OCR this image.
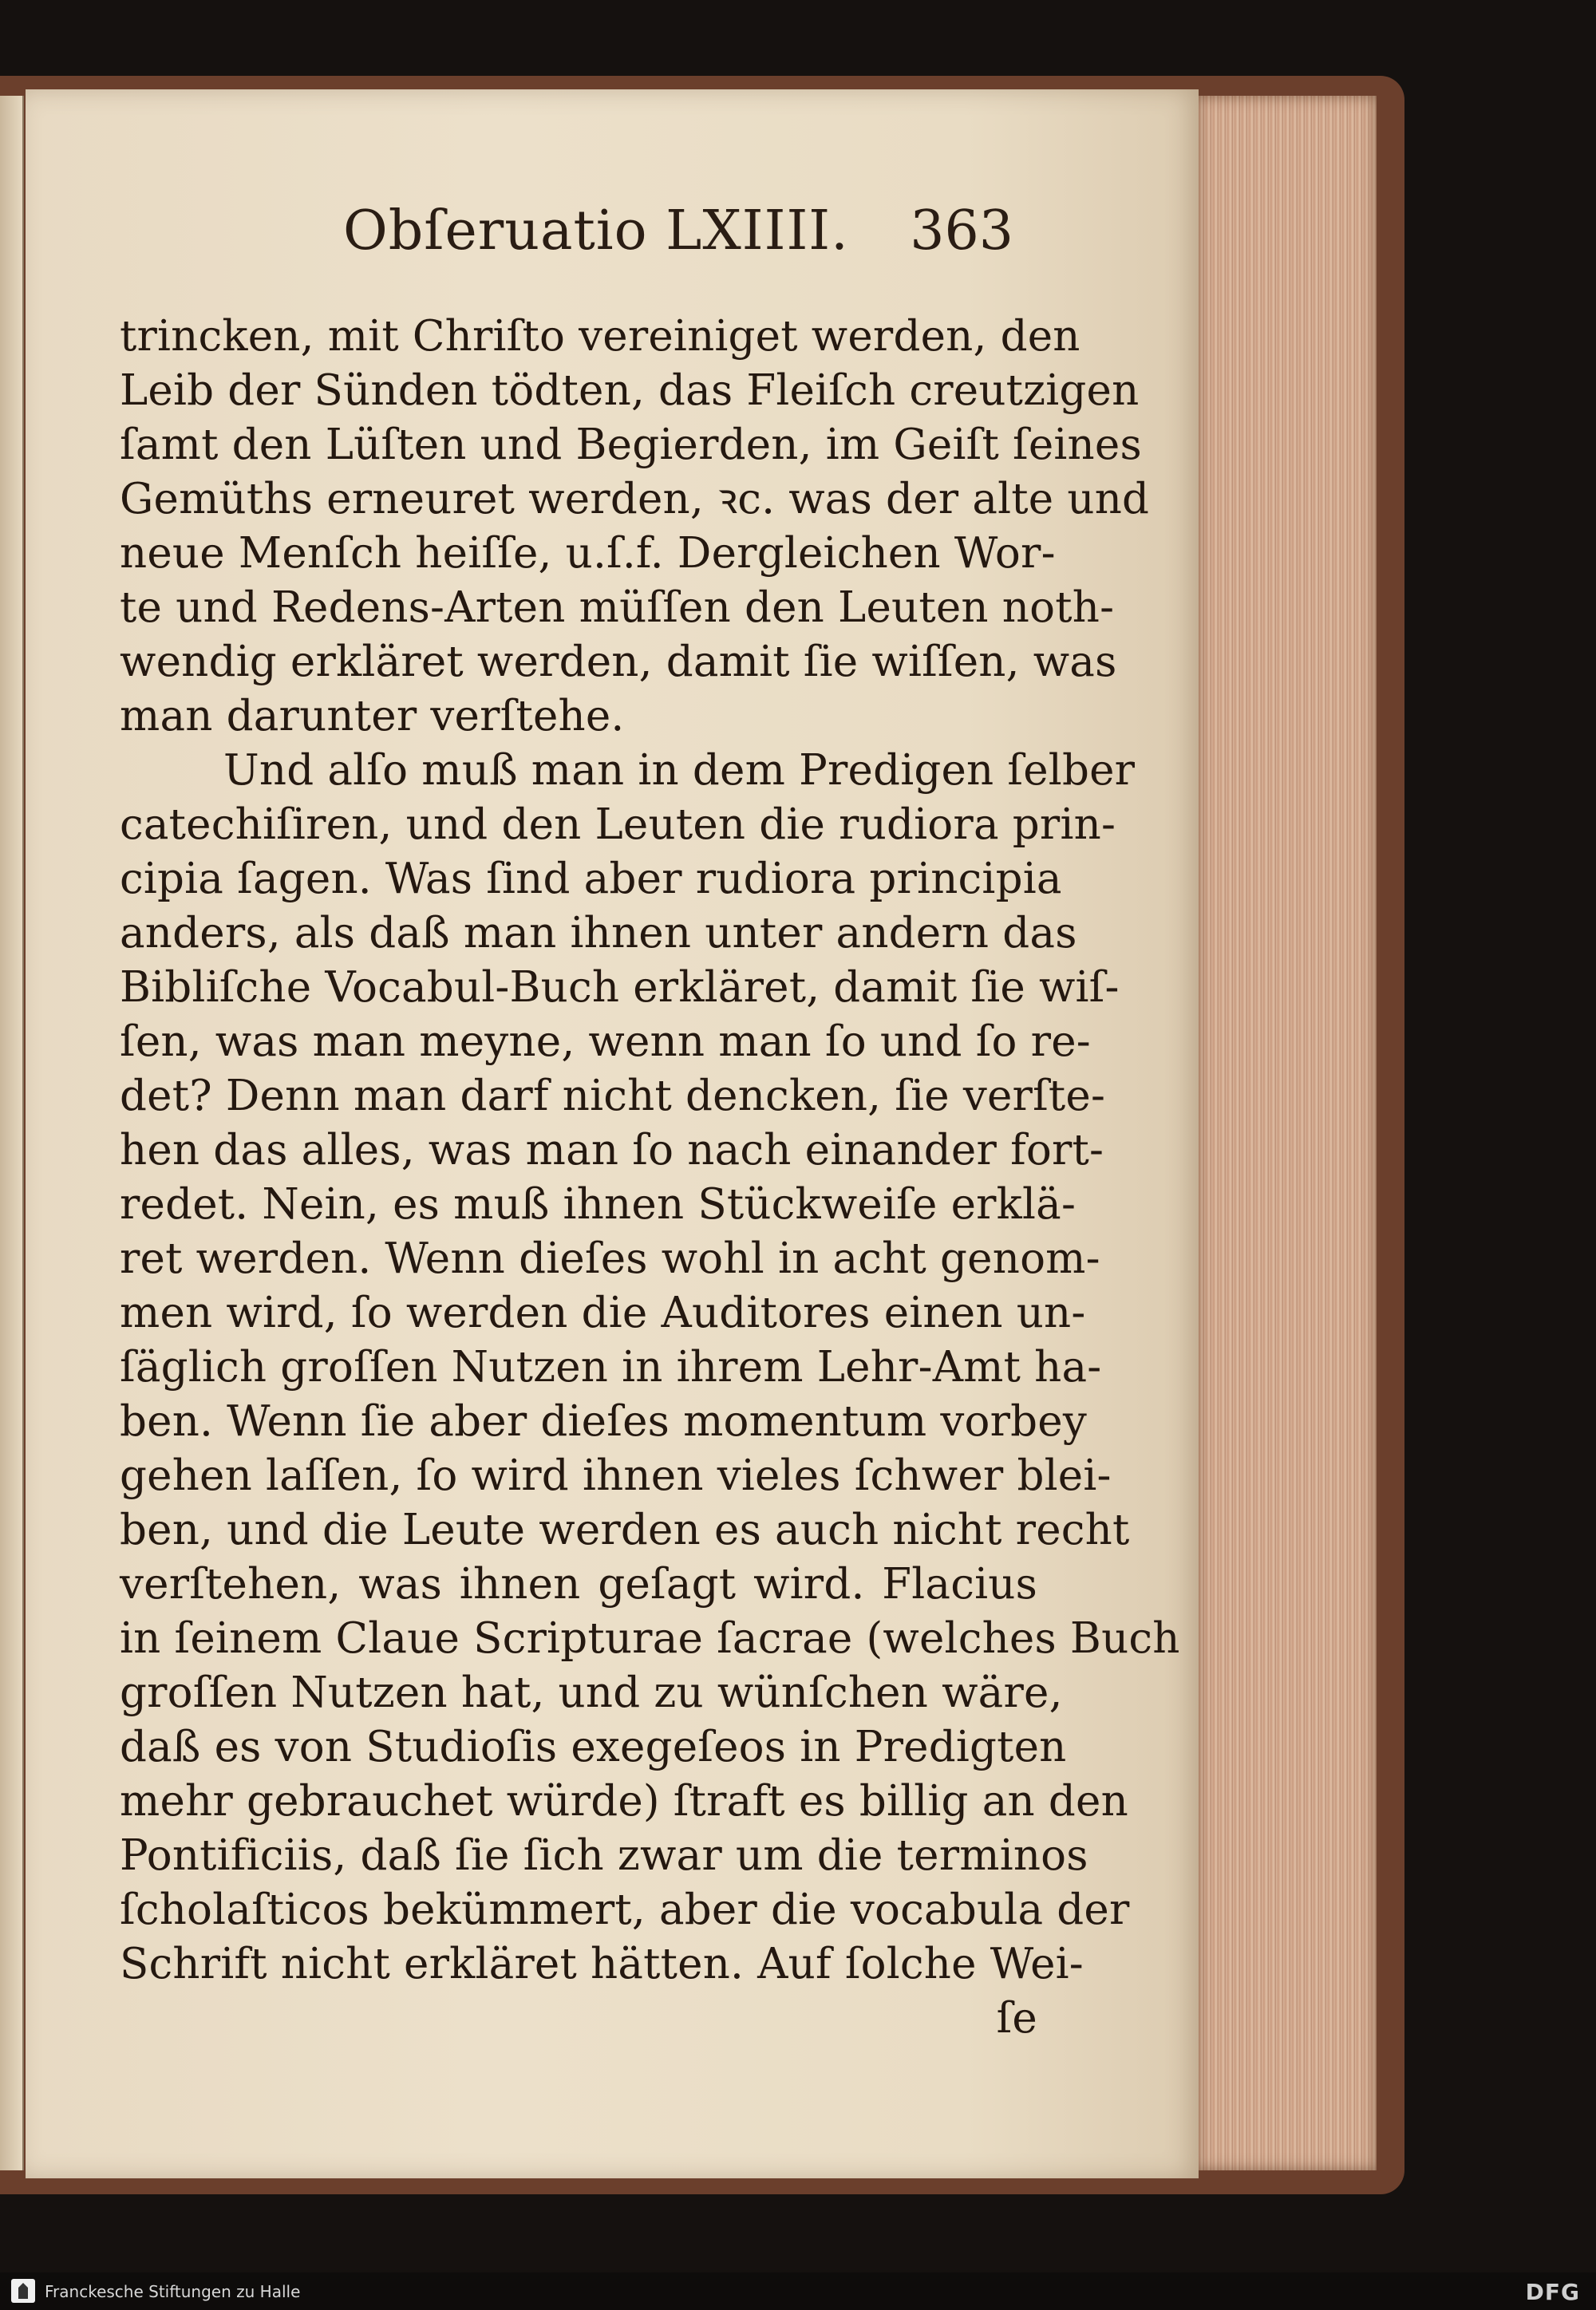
Obſeruatio LXIIII. 363
trincken, mit Chriſto vereiniget werden, den
Leib der Sünden tödten, das Fleiſch creutzigen
ſamt den Lüſten und Begierden, im Geiſt ſeines
Gemüths erneuret werden, ꝛc. was der alte und
neue Menſch heiſſe, u.ſ.f. Dergleichen Wor-
te und Redens-Arten müſſen den Leuten noth-
wendig erkläret werden, damit ſie wiſſen, was
man darunter verſtehe.
Und alſo muß man in dem Predigen ſelber
catechiſiren, und den Leuten die rudiora prin-
cipia ſagen. Was ſind aber rudiora principia
anders, als daß man ihnen unter andern das
Bibliſche Vocabul-Buch erkläret, damit ſie wiſ-
ſen, was man meyne, wenn man ſo und ſo re-
det? Denn man darf nicht dencken, ſie verſte-
hen das alles, was man ſo nach einander fort-
redet. Nein, es muß ihnen Stückweiſe erklä-
ret werden. Wenn dieſes wohl in acht genom-
men wird, ſo werden die Auditores einen un-
ſäglich groſſen Nutzen in ihrem Lehr-Amt ha-
ben. Wenn ſie aber dieſes momentum vorbey
gehen laſſen, ſo wird ihnen vieles ſchwer blei-
ben, und die Leute werden es auch nicht recht
verſtehen, was ihnen geſagt wird. Flacius
in ſeinem Claue Scripturae ſacrae (welches Buch
groſſen Nutzen hat, und zu wünſchen wäre,
daß es von Studioſis exegeſeos in Predigten
mehr gebrauchet würde) ſtraft es billig an den
Pontificiis, daß ſie ſich zwar um die terminos
ſcholaſticos bekümmert, aber die vocabula der
Schrift nicht erkläret hätten. Auf ſolche Wei-
ſe
Franckesche Stiftungen zu Halle	DFG
